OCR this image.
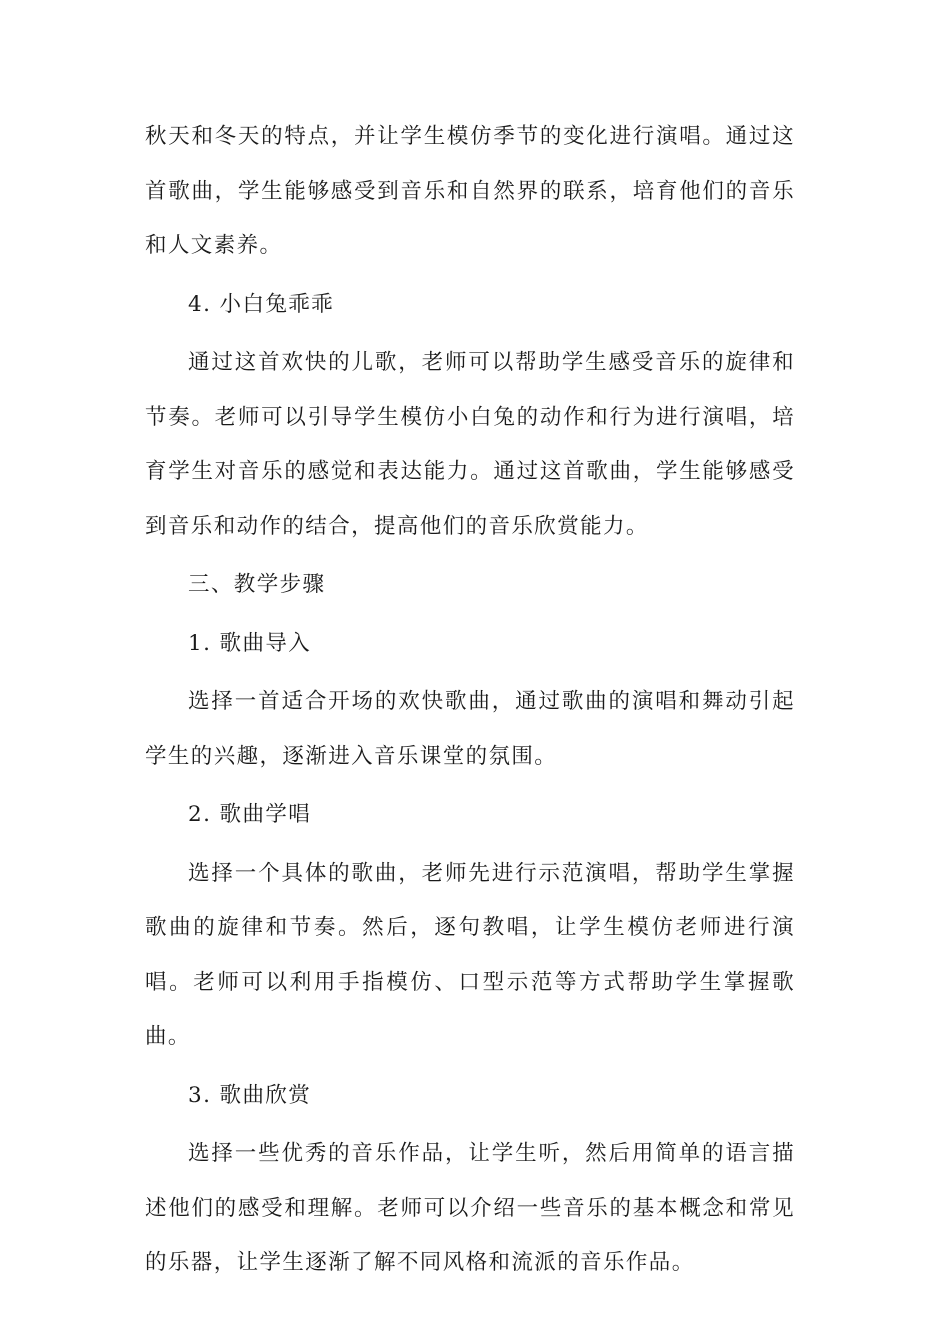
秋天和冬天的特点，并让学生模仿季节的变化进行演唱。通过这首歌曲，学生能够感受到音乐和自然界的联系，培育他们的音乐和人文素养。

4. 小白兔乖乖

通过这首欢快的儿歌，老师可以帮助学生感受音乐的旋律和节奏。老师可以引导学生模仿小白兔的动作和行为进行演唱，培育学生对音乐的感觉和表达能力。通过这首歌曲，学生能够感受到音乐和动作的结合，提高他们的音乐欣赏能力。

三、教学步骤

1. 歌曲导入

选择一首适合开场的欢快歌曲，通过歌曲的演唱和舞动引起学生的兴趣，逐渐进入音乐课堂的氛围。

2. 歌曲学唱

选择一个具体的歌曲，老师先进行示范演唱，帮助学生掌握歌曲的旋律和节奏。然后，逐句教唱，让学生模仿老师进行演唱。老师可以利用手指模仿、口型示范等方式帮助学生掌握歌曲。

3. 歌曲欣赏

选择一些优秀的音乐作品，让学生听，然后用简单的语言描述他们的感受和理解。老师可以介绍一些音乐的基本概念和常见的乐器，让学生逐渐了解不同风格和流派的音乐作品。
